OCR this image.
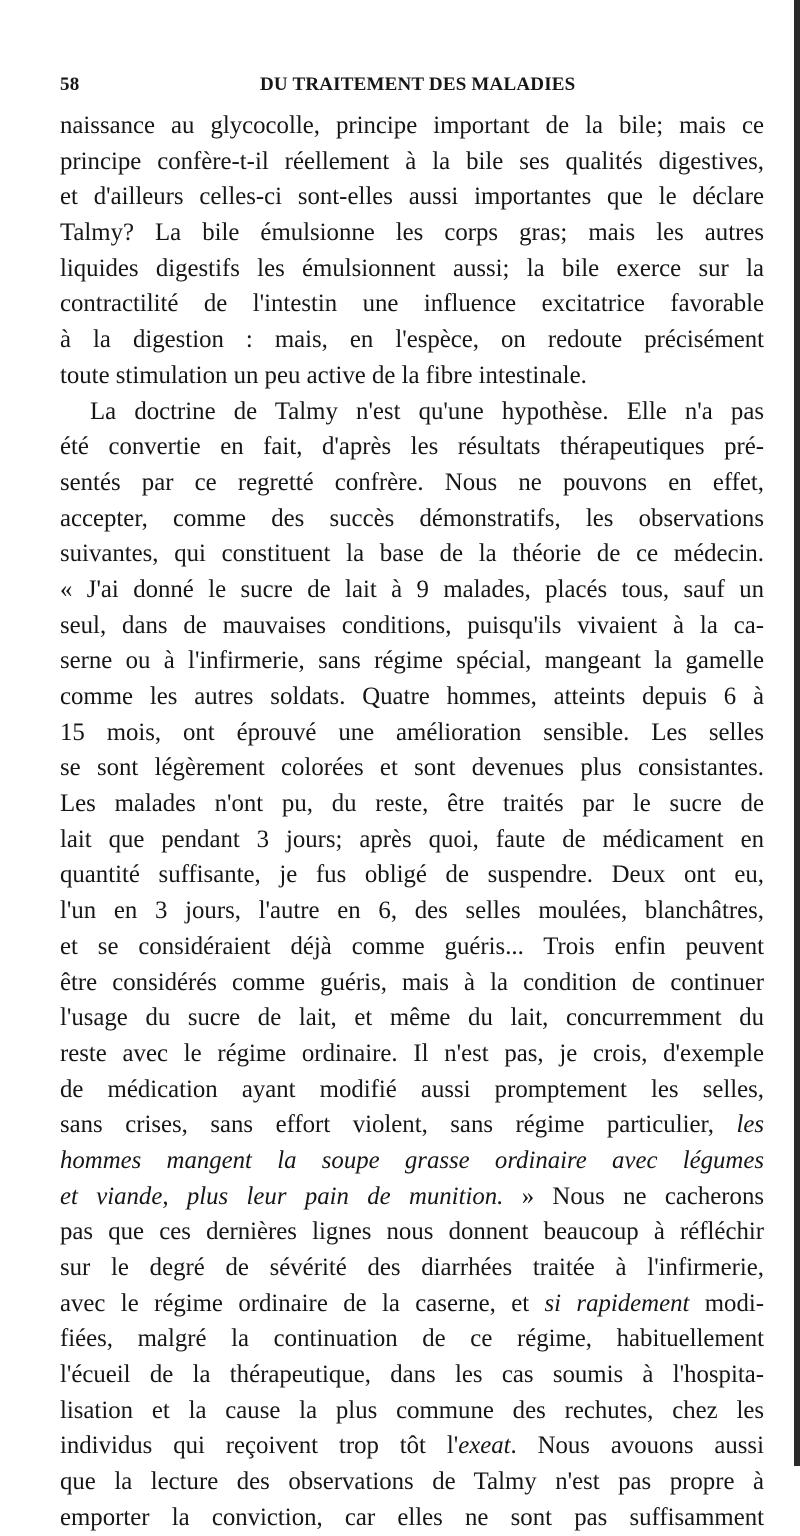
58	DU TRAITEMENT DES MALADIES
naissance au glycocolle, principe important de la bile; mais ce
principe confère-t-il réellement à la bile ses qualités digestives,
et d'ailleurs celles-ci sont-elles aussi importantes que le déclare
Talmy? La bile émulsionne les corps gras; mais les autres
liquides digestifs les émulsionnent aussi; la bile exerce sur la
contractilité de l'intestin une influence excitatrice favorable
à la digestion : mais, en l'espèce, on redoute précisément
toute stimulation un peu active de la fibre intestinale.
La doctrine de Talmy n'est qu'une hypothèse. Elle n'a pas
été convertie en fait, d'après les résultats thérapeutiques pré-
sentés par ce regretté confrère. Nous ne pouvons en effet,
accepter, comme des succès démonstratifs, les observations
suivantes, qui constituent la base de la théorie de ce médecin.
« J'ai donné le sucre de lait à 9 malades, placés tous, sauf un
seul, dans de mauvaises conditions, puisqu'ils vivaient à la ca-
serne ou à l'infirmerie, sans régime spécial, mangeant la gamelle
comme les autres soldats. Quatre hommes, atteints depuis 6 à
15 mois, ont éprouvé une amélioration sensible. Les selles
se sont légèrement colorées et sont devenues plus consistantes.
Les malades n'ont pu, du reste, être traités par le sucre de
lait que pendant 3 jours; après quoi, faute de médicament en
quantité suffisante, je fus obligé de suspendre. Deux ont eu,
l'un en 3 jours, l'autre en 6, des selles moulées, blanchâtres,
et se considéraient déjà comme guéris... Trois enfin peuvent
être considérés comme guéris, mais à la condition de continuer
l'usage du sucre de lait, et même du lait, concurremment du
reste avec le régime ordinaire. Il n'est pas, je crois, d'exemple
de médication ayant modifié aussi promptement les selles,
sans crises, sans effort violent, sans régime particulier, les
hommes mangent la soupe grasse ordinaire avec légumes
et viande, plus leur pain de munition. » Nous ne cacherons
pas que ces dernières lignes nous donnent beaucoup à réfléchir
sur le degré de sévérité des diarrhées traitée à l'infirmerie,
avec le régime ordinaire de la caserne, et si rapidement modi-
fiées, malgré la continuation de ce régime, habituellement
l'écueil de la thérapeutique, dans les cas soumis à l'hospita-
lisation et la cause la plus commune des rechutes, chez les
individus qui reçoivent trop tôt l'exeat. Nous avouons aussi
que la lecture des observations de Talmy n'est pas propre à
emporter la conviction, car elles ne sont pas suffisamment
